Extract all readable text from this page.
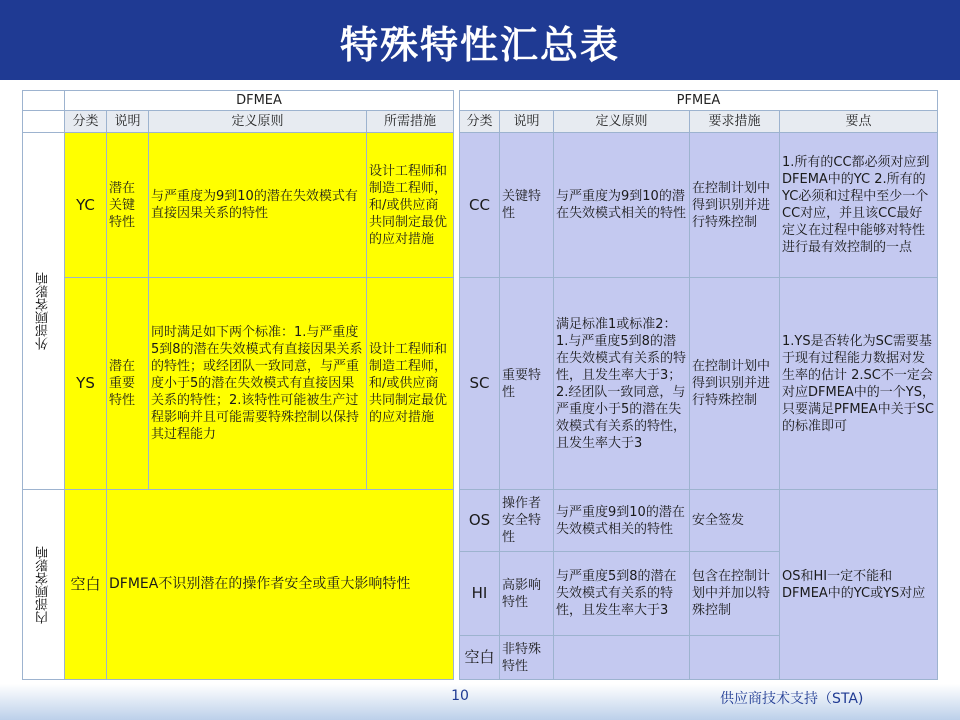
特殊特性汇总表
	DFMEA					PFMEA				
	分类	说明	定义原则	所需措施		分类	说明	定义原则	要求措施	要点

外部顾客影响	YC	潜在关键特性	与严重度为9到10的潜在失效模式有直接因果关系的特性	设计工程师和制造工程师，和/或供应商共同制定最优的应对措施		CC	关键特性	与严重度为9到10的潜在失效模式相关的特性	在控制计划中得到识别并进行特殊控制	1.所有的CC都必须对应到DFEMA中的YC 2.所有的YC必须和过程中至少一个CC对应，并且该CC最好定义在过程中能够对特性进行最有效控制的一点
	YS	潜在重要特性	同时满足如下两个标准：1.与严重度5到8的潜在失效模式有直接因果关系的特性；或经团队一致同意，与严重度小于5的潜在失效模式有直接因果关系的特性；2.该特性可能被生产过程影响并且可能需要特殊控制以保持其过程能力	设计工程师和制造工程师，和/或供应商共同制定最优的应对措施		SC	重要特性	满足标准1或标准2：1.与严重度5到8的潜在失效模式有关系的特性，且发生率大于3；2.经团队一致同意，与严重度小于5的潜在失效模式有关系的特性，且发生率大于3	在控制计划中得到识别并进行特殊控制	1.YS是否转化为SC需要基于现有过程能力数据对发生率的估计 2.SC不一定会对应DFMEA中的一个YS，只要满足PFMEA中关于SC的标准即可

内部顾客影响	空白	DFMEA不识别潜在的操作者安全或重大影响特性				OS	操作者安全特性	与严重度9到10的潜在失效模式相关的特性	安全签发	OS和HI一定不能和DFMEA中的YC或YS对应
						HI	高影响特性	与严重度5到8的潜在失效模式有关系的特性，且发生率大于3	包含在控制计划中并加以特殊控制	
						空白	非特殊特性			
10	供应商技术支持（STA)
